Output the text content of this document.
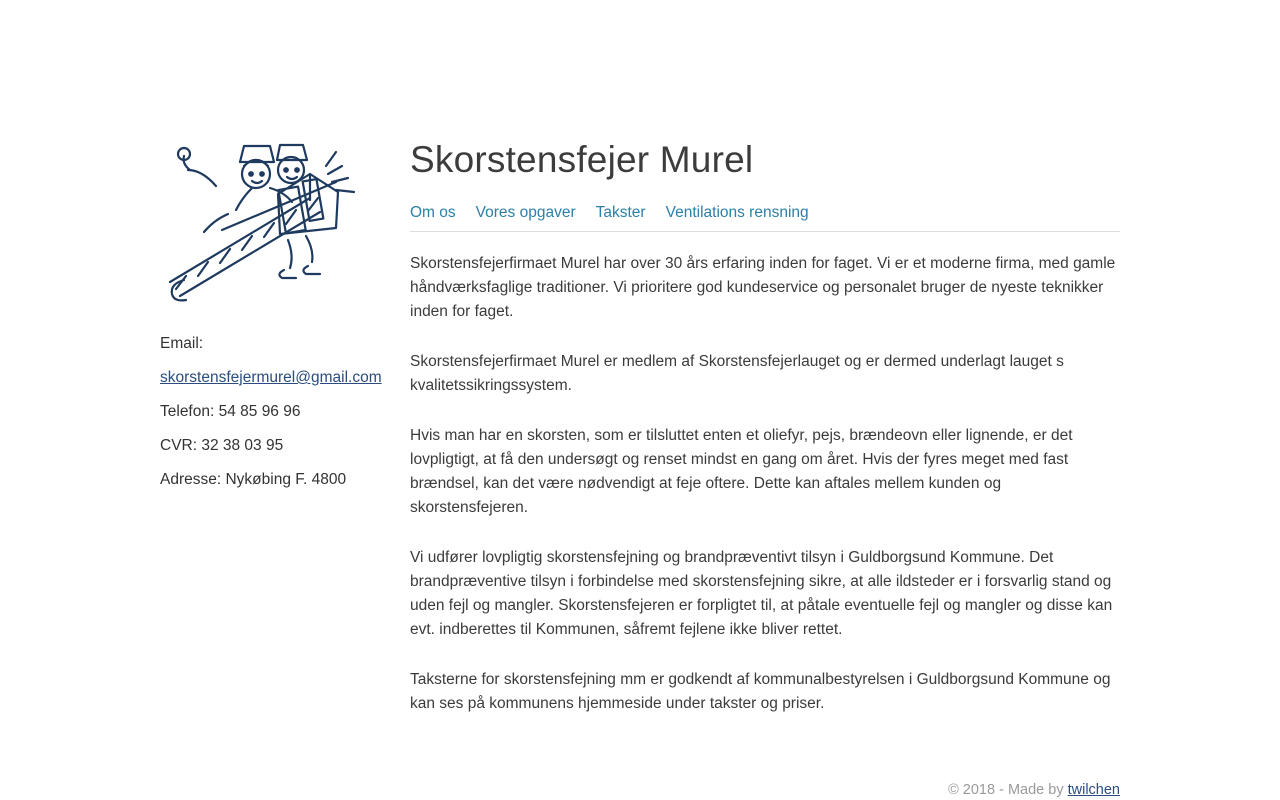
Email:
skorstensfejermurel@gmail.com
Telefon: 54 85 96 96
CVR: 32 38 03 95
Adresse: Nykøbing F. 4800
Skorstensfejer Murel
Om os Vores opgaver Takster Ventilations rensning

Skorstensfejerfirmaet Murel har over 30 års erfaring inden for faget. Vi er et moderne firma, med gamle håndværksfaglige traditioner. Vi prioritere god kundeservice og personalet bruger de nyeste teknikker inden for faget.

Skorstensfejerfirmaet Murel er medlem af Skorstensfejerlauget og er dermed underlagt lauget s kvalitetssikringssystem.

Hvis man har en skorsten, som er tilsluttet enten et oliefyr, pejs, brændeovn eller lignende, er det lovpligtigt, at få den undersøgt og renset mindst en gang om året. Hvis der fyres meget med fast brændsel, kan det være nødvendigt at feje oftere. Dette kan aftales mellem kunden og skorstensfejeren.

Vi udfører lovpligtig skorstensfejning og brandpræventivt tilsyn i Guldborgsund Kommune. Det brandpræventive tilsyn i forbindelse med skorstensfejning sikre, at alle ildsteder er i forsvarlig stand og uden fejl og mangler. Skorstensfejeren er forpligtet til, at påtale eventuelle fejl og mangler og disse kan evt. indberettes til Kommunen, såfremt fejlene ikke bliver rettet.

Taksterne for skorstensfejning mm er godkendt af kommunalbestyrelsen i Guldborgsund Kommune og kan ses på kommunens hjemmeside under takster og priser.

© 2018 - Made by twilchen
